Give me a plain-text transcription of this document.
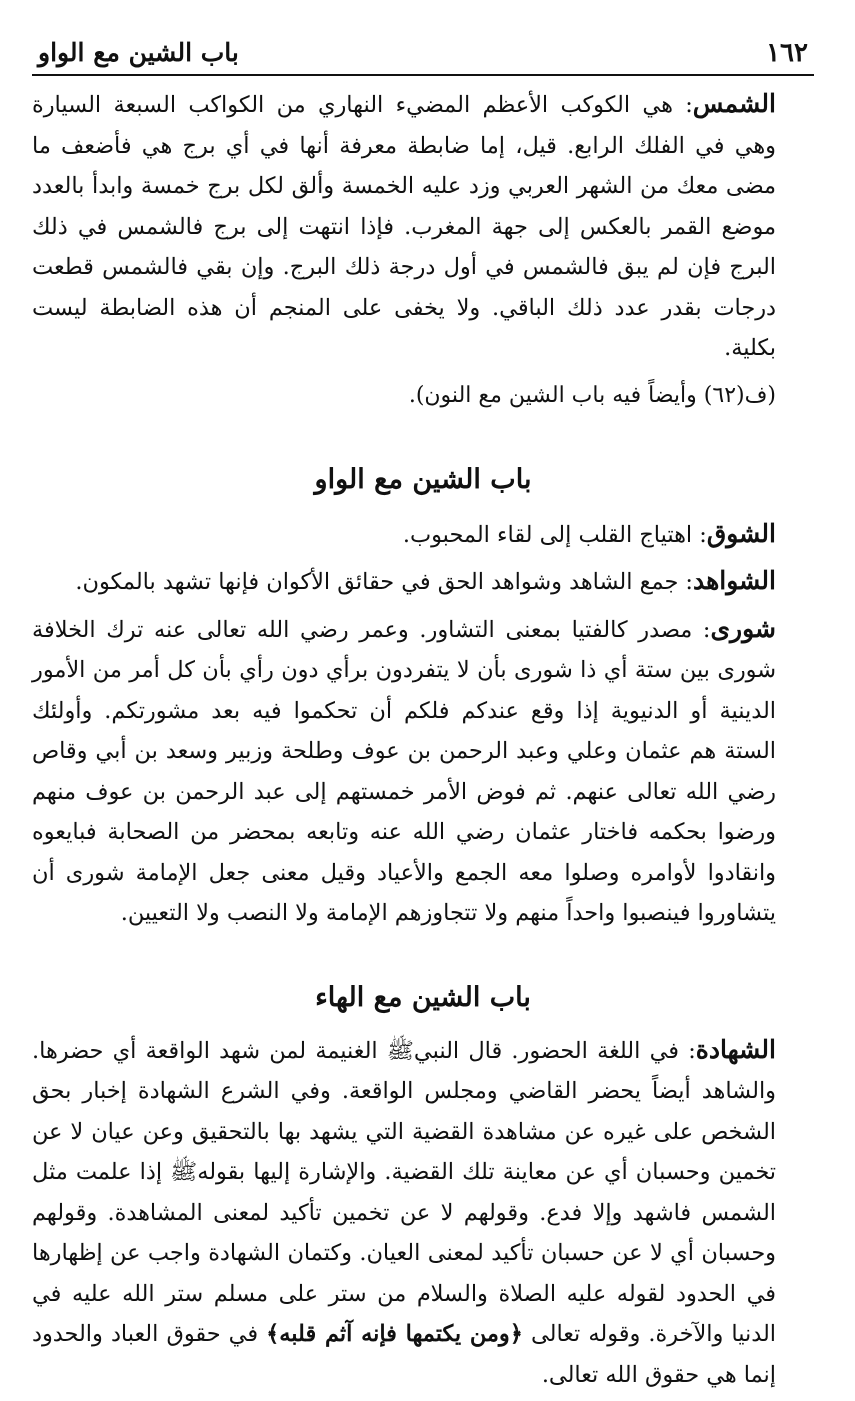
١٦٢
باب الشين مع الواو

الشمس: هي الكوكب الأعظم المضيء النهاري من الكواكب السبعة السيارة وهي في الفلك الرابع. قيل، إما ضابطة معرفة أنها في أي برج هي فأضعف ما مضى معك من الشهر العربي وزد عليه الخمسة وألق لكل برج خمسة وابدأ بالعدد موضع القمر بالعكس إلى جهة المغرب. فإذا انتهت إلى برج فالشمس في ذلك البرج فإن لم يبق فالشمس في أول درجة ذلك البرج. وإن بقي فالشمس قطعت درجات بقدر عدد ذلك الباقي. ولا يخفى على المنجم أن هذه الضابطة ليست بكلية.

(ف(٦٢) وأيضاً فيه باب الشين مع النون).

باب الشين مع الواو

الشوق: اهتياج القلب إلى لقاء المحبوب.

الشواهد: جمع الشاهد وشواهد الحق في حقائق الأكوان فإنها تشهد بالمكون.

شورى: مصدر كالفتيا بمعنى التشاور. وعمر رضي الله تعالى عنه ترك الخلافة شورى بين ستة أي ذا شورى بأن لا يتفردون برأي دون رأي بأن كل أمر من الأمور الدينية أو الدنيوية إذا وقع عندكم فلكم أن تحكموا فيه بعد مشورتكم. وأولئك الستة هم عثمان وعلي وعبد الرحمن بن عوف وطلحة وزبير وسعد بن أبي وقاص رضي الله تعالى عنهم. ثم فوض الأمر خمستهم إلى عبد الرحمن بن عوف منهم ورضوا بحكمه فاختار عثمان رضي الله عنه وتابعه بمحضر من الصحابة فبايعوه وانقادوا لأوامره وصلوا معه الجمع والأعياد وقيل معنى جعل الإمامة شورى أن يتشاوروا فينصبوا واحداً منهم ولا تتجاوزهم الإمامة ولا النصب ولا التعيين.

باب الشين مع الهاء

الشهادة: في اللغة الحضور. قال النبيﷺ الغنيمة لمن شهد الواقعة أي حضرها. والشاهد أيضاً يحضر القاضي ومجلس الواقعة. وفي الشرع الشهادة إخبار بحق الشخص على غيره عن مشاهدة القضية التي يشهد بها بالتحقيق وعن عيان لا عن تخمين وحسبان أي عن معاينة تلك القضية. والإشارة إليها بقولهﷺ إذا علمت مثل الشمس فاشهد وإلا فدع. وقولهم لا عن تخمين تأكيد لمعنى المشاهدة. وقولهم وحسبان أي لا عن حسبان تأكيد لمعنى العيان. وكتمان الشهادة واجب عن إظهارها في الحدود لقوله عليه الصلاة والسلام من ستر على مسلم ستر الله عليه في الدنيا والآخرة. وقوله تعالى ﴿ومن يكتمها فإنه آثم قلبه﴾ في حقوق العباد والحدود إنما هي حقوق الله تعالى.
